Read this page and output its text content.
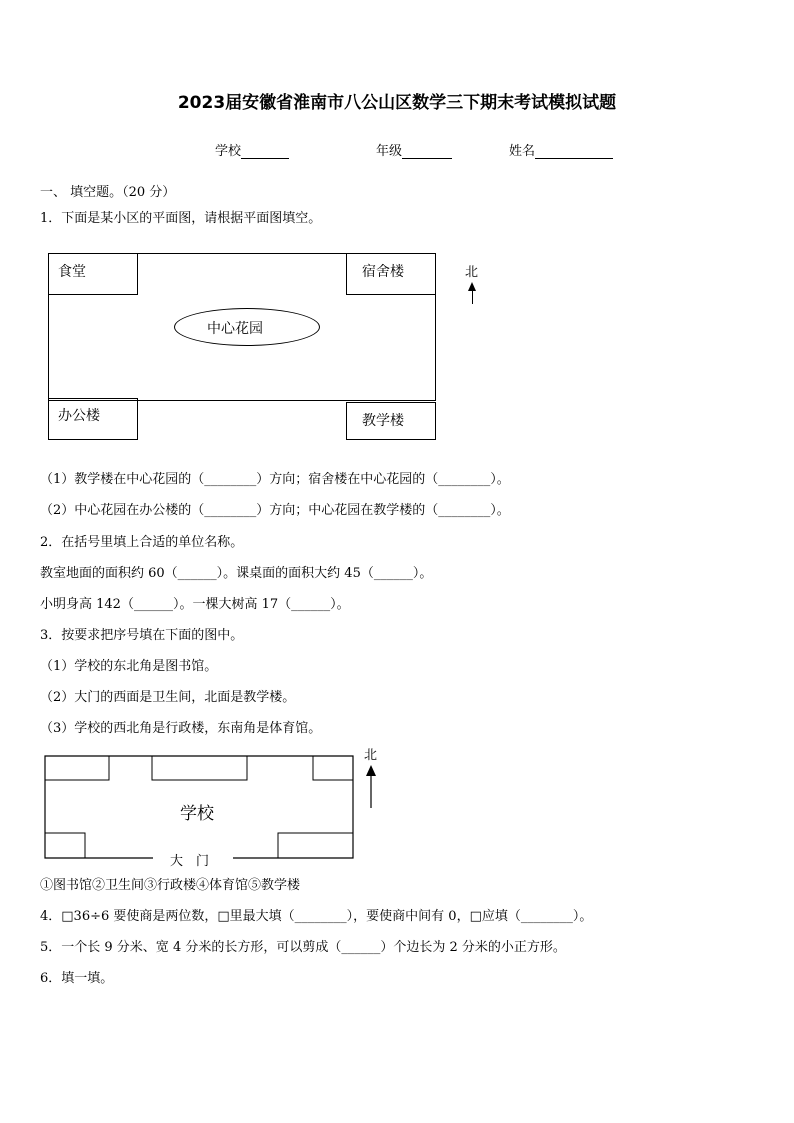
2023届安徽省淮南市八公山区数学三下期末考试模拟试题
学校	年级	姓名
一、 填空题。（20 分）
1．下面是某小区的平面图，请根据平面图填空。
食堂	宿舍楼
中心花园
办公楼	教学楼
北
（1）教学楼在中心花园的（________）方向；宿舍楼在中心花园的（________）。
（2）中心花园在办公楼的（________）方向；中心花园在教学楼的（________）。
2．在括号里填上合适的单位名称。
教室地面的面积约 60（______）。课桌面的面积大约 45（______）。
小明身高 142（______）。一棵大树高 17（______）。
3．按要求把序号填在下面的图中。
（1）学校的东北角是图书馆。
（2）大门的西面是卫生间，北面是教学楼。
（3）学校的西北角是行政楼，东南角是体育馆。
学校
大　门
北
①图书馆②卫生间③行政楼④体育馆⑤教学楼
4．□36÷6 要使商是两位数，□里最大填（________），要使商中间有 0，□应填（________）。
5．一个长 9 分米、宽 4 分米的长方形，可以剪成（______）个边长为 2 分米的小正方形。
6．填一填。
